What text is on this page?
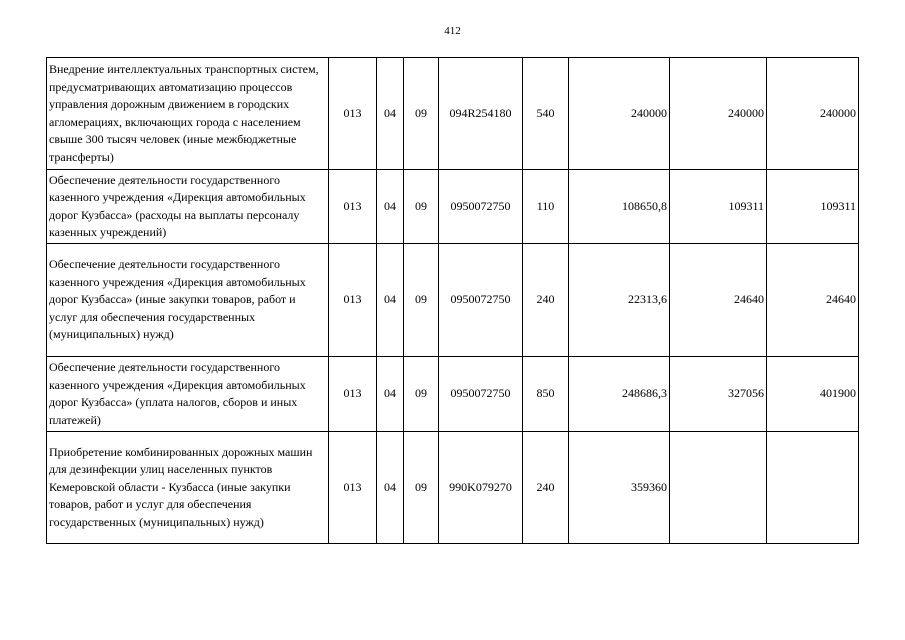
412
Внедрение интеллектуальных транспортных систем, предусматривающих автоматизацию процессов управления дорожным движением в городских агломерациях, включающих города с населением свыше 300 тысяч человек (иные межбюджетные трансферты)	013	04	09	094R254180	540	240000	240000	240000
Обеспечение деятельности государственного казенного учреждения «Дирекция автомобильных дорог Кузбасса» (расходы на выплаты персоналу казенных учреждений)	013	04	09	0950072750	110	108650,8	109311	109311
Обеспечение деятельности государственного казенного учреждения «Дирекция автомобильных дорог Кузбасса» (иные закупки товаров, работ и услуг для обеспечения государственных (муниципальных) нужд)	013	04	09	0950072750	240	22313,6	24640	24640
Обеспечение деятельности государственного казенного учреждения «Дирекция автомобильных дорог Кузбасса» (уплата налогов, сборов и иных платежей)	013	04	09	0950072750	850	248686,3	327056	401900
Приобретение комбинированных дорожных машин для дезинфекции улиц населенных пунктов Кемеровской области - Кузбасса (иные закупки товаров, работ и услуг для обеспечения государственных (муниципальных) нужд)	013	04	09	990K079270	240	359360		
